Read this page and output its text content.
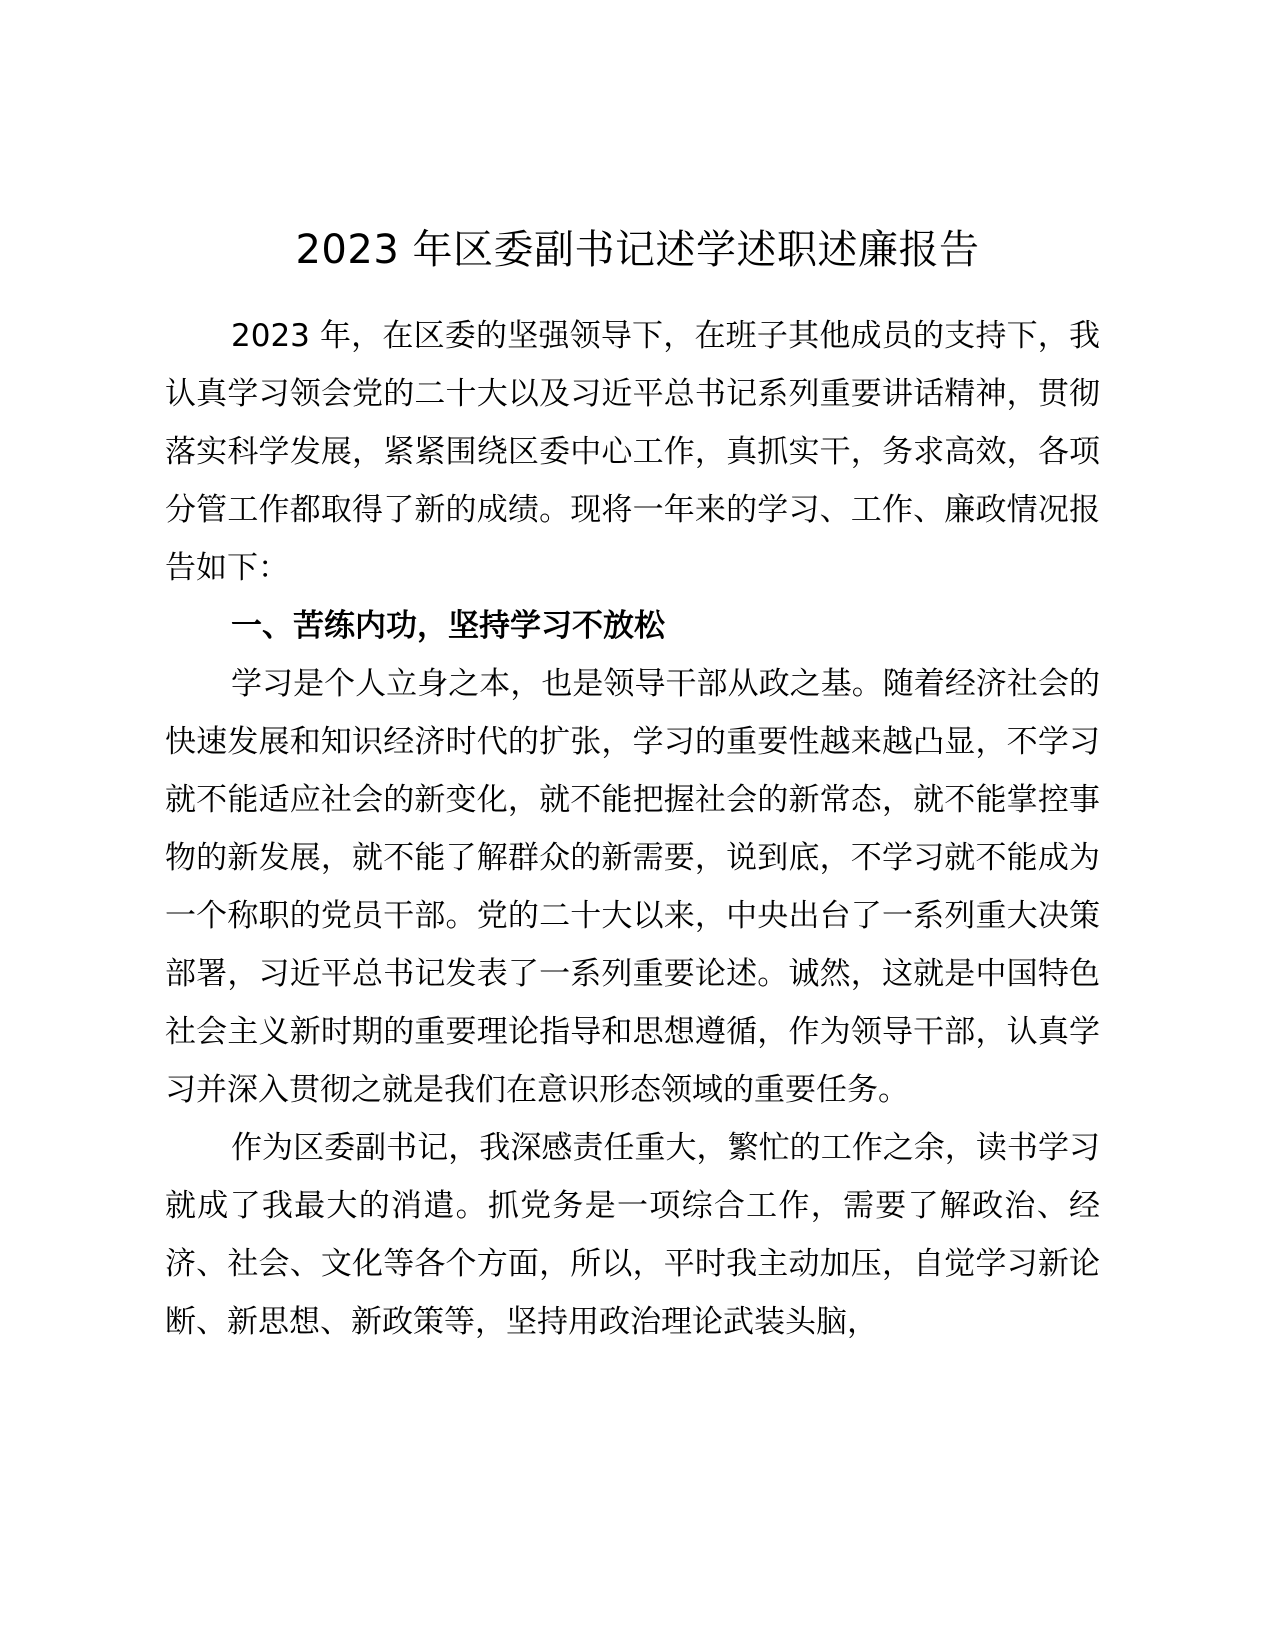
2023 年区委副书记述学述职述廉报告

2023 年，在区委的坚强领导下，在班子其他成员的支持下，我认真学习领会党的二十大以及习近平总书记系列重要讲话精神，贯彻落实科学发展，紧紧围绕区委中心工作，真抓实干，务求高效，各项分管工作都取得了新的成绩。现将一年来的学习、工作、廉政情况报告如下：

一、苦练内功，坚持学习不放松

学习是个人立身之本，也是领导干部从政之基。随着经济社会的快速发展和知识经济时代的扩张，学习的重要性越来越凸显，不学习就不能适应社会的新变化，就不能把握社会的新常态，就不能掌控事物的新发展，就不能了解群众的新需要，说到底，不学习就不能成为一个称职的党员干部。党的二十大以来，中央出台了一系列重大决策部署，习近平总书记发表了一系列重要论述。诚然，这就是中国特色社会主义新时期的重要理论指导和思想遵循，作为领导干部，认真学习并深入贯彻之就是我们在意识形态领域的重要任务。

作为区委副书记，我深感责任重大，繁忙的工作之余，读书学习就成了我最大的消遣。抓党务是一项综合工作，需要了解政治、经济、社会、文化等各个方面，所以，平时我主动加压，自觉学习新论断、新思想、新政策等，坚持用政治理论武装头脑，
